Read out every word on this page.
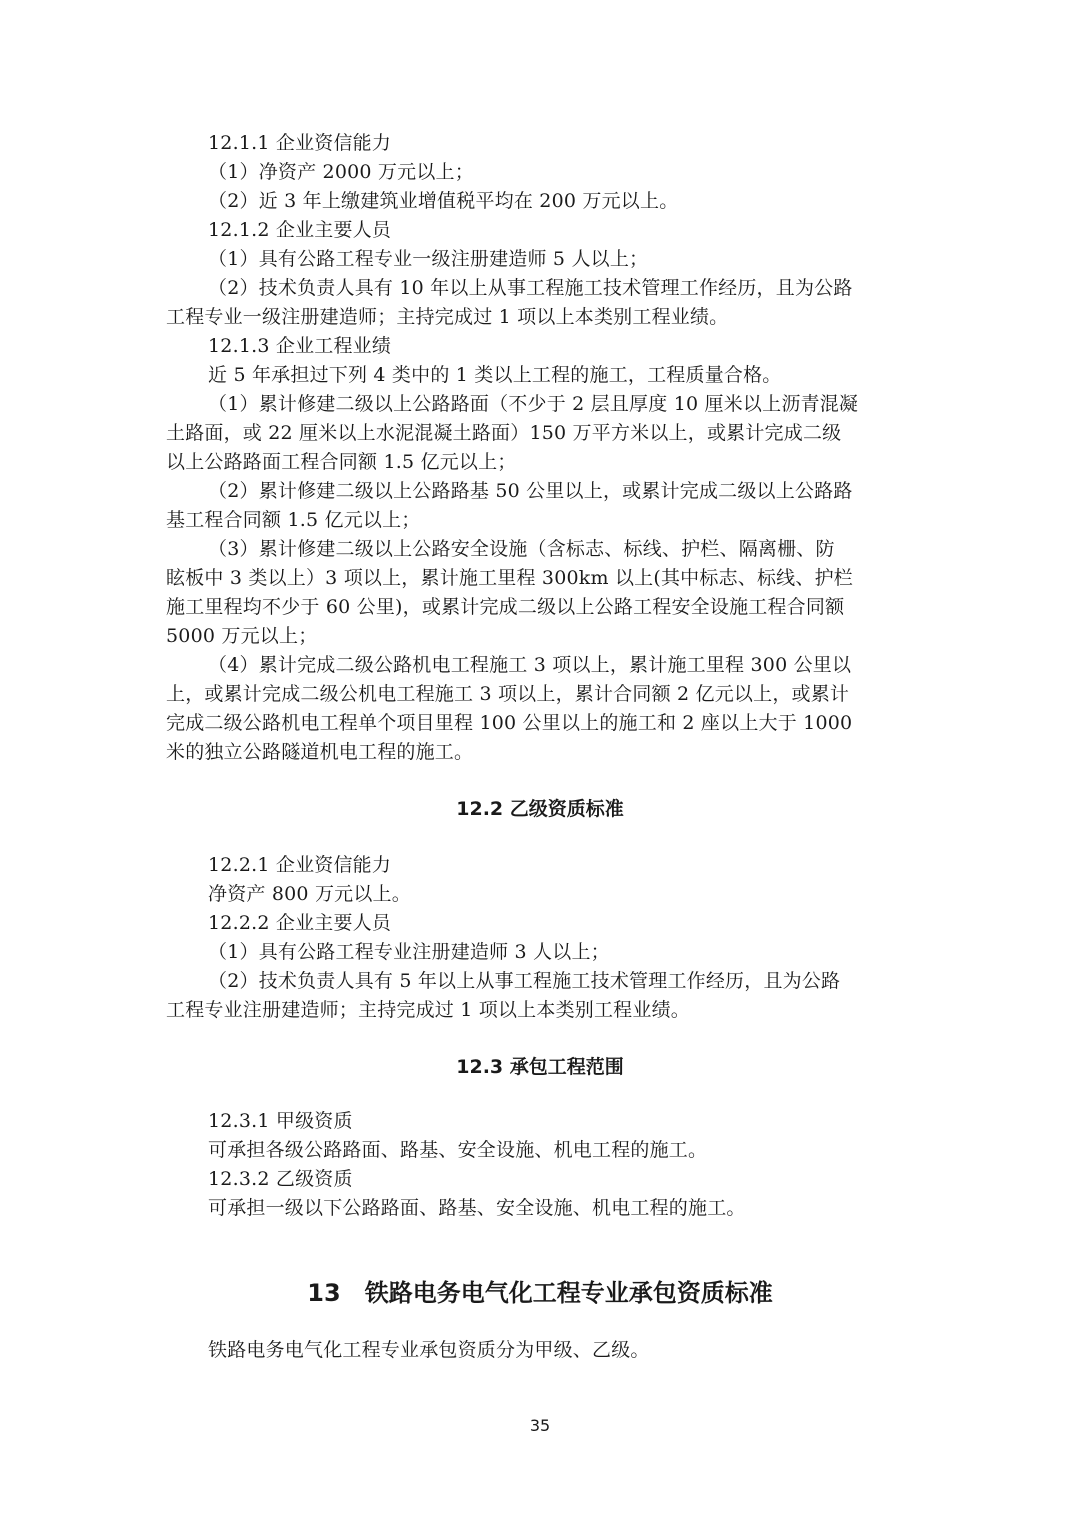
12.1.1 企业资信能力
（1）净资产 2000 万元以上；
（2）近 3 年上缴建筑业增值税平均在 200 万元以上。
12.1.2 企业主要人员
（1）具有公路工程专业一级注册建造师 5 人以上；
（2）技术负责人具有 10 年以上从事工程施工技术管理工作经历，且为公路
工程专业一级注册建造师；主持完成过 1 项以上本类别工程业绩。
12.1.3 企业工程业绩
近 5 年承担过下列 4 类中的 1 类以上工程的施工，工程质量合格。
（1）累计修建二级以上公路路面（不少于 2 层且厚度 10 厘米以上沥青混凝
土路面，或 22 厘米以上水泥混凝土路面）150 万平方米以上，或累计完成二级
以上公路路面工程合同额 1.5 亿元以上；
（2）累计修建二级以上公路路基 50 公里以上，或累计完成二级以上公路路
基工程合同额 1.5 亿元以上；
（3）累计修建二级以上公路安全设施（含标志、标线、护栏、隔离栅、防
眩板中 3 类以上）3 项以上，累计施工里程 300km 以上(其中标志、标线、护栏
施工里程均不少于 60 公里)，或累计完成二级以上公路工程安全设施工程合同额
5000 万元以上；
（4）累计完成二级公路机电工程施工 3 项以上，累计施工里程 300 公里以
上，或累计完成二级公机电工程施工 3 项以上，累计合同额 2 亿元以上，或累计
完成二级公路机电工程单个项目里程 100 公里以上的施工和 2 座以上大于 1000
米的独立公路隧道机电工程的施工。
12.2 乙级资质标准
12.2.1 企业资信能力
净资产 800 万元以上。
12.2.2 企业主要人员
（1）具有公路工程专业注册建造师 3 人以上；
（2）技术负责人具有 5 年以上从事工程施工技术管理工作经历，且为公路
工程专业注册建造师；主持完成过 1 项以上本类别工程业绩。
12.3 承包工程范围
12.3.1 甲级资质
可承担各级公路路面、路基、安全设施、机电工程的施工。
12.3.2 乙级资质
可承担一级以下公路路面、路基、安全设施、机电工程的施工。
13　铁路电务电气化工程专业承包资质标准
铁路电务电气化工程专业承包资质分为甲级、乙级。
35
